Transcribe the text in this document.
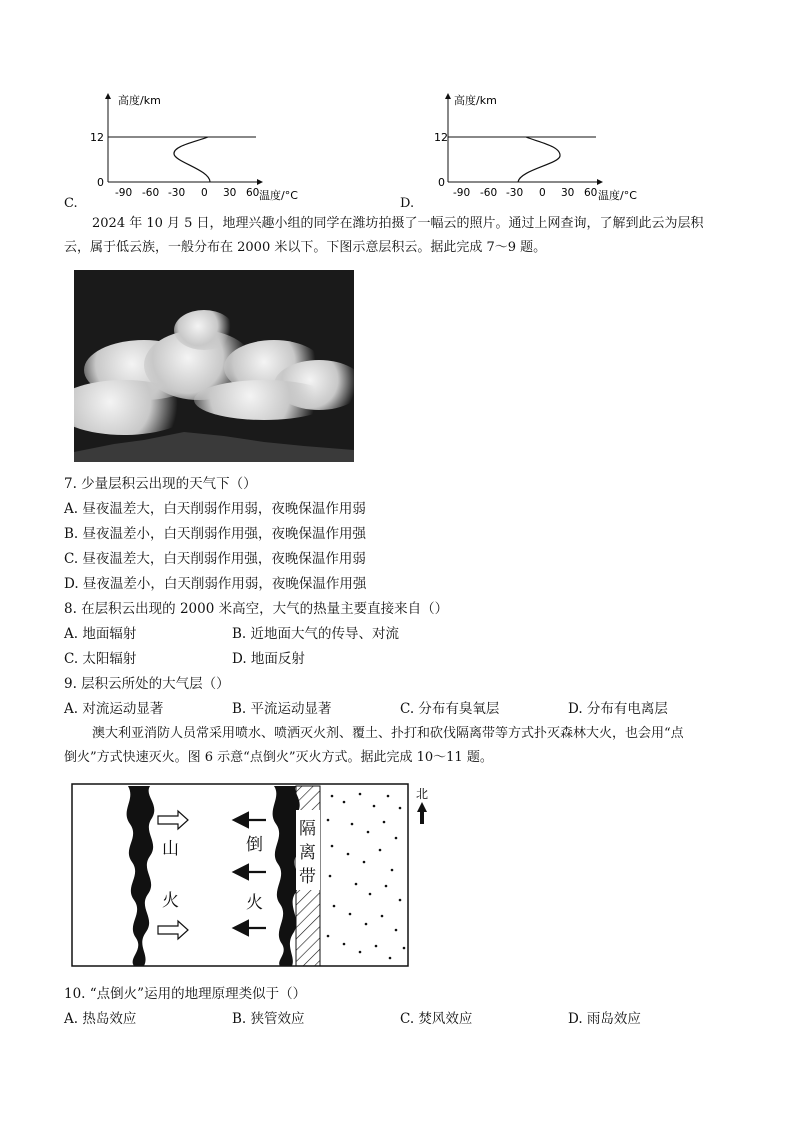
高度/km
12
0
-90 -60 -30 0 30 60 温度/°C
C.
高度/km
12
0
-90 -60 -30 0 30 60 温度/°C
D.
2024 年 10 月 5 日，地理兴趣小组的同学在潍坊拍摄了一幅云的照片。通过上网查询，了解到此云为层积
云，属于低云族，一般分布在 2000 米以下。下图示意层积云。据此完成 7～9 题。
7. 少量层积云出现的天气下（）
A. 昼夜温差大，白天削弱作用弱，夜晚保温作用弱
B. 昼夜温差小，白天削弱作用强，夜晚保温作用强
C. 昼夜温差大，白天削弱作用强，夜晚保温作用弱
D. 昼夜温差小，白天削弱作用弱，夜晚保温作用强
8. 在层积云出现的 2000 米高空，大气的热量主要直接来自（）
A. 地面辐射	B. 近地面大气的传导、对流
C. 太阳辐射	D. 地面反射
9. 层积云所处的大气层（）
A. 对流运动显著	B. 平流运动显著	C. 分布有臭氧层	D. 分布有电离层
澳大利亚消防人员常采用喷水、喷洒灭火剂、覆土、扑打和砍伐隔离带等方式扑灭森林大火，也会用“点
倒火”方式快速灭火。图 6 示意“点倒火”灭火方式。据此完成 10～11 题。
山
火
倒
火
隔
离
带
北
10. “点倒火”运用的地理原理类似于（）
A. 热岛效应	B. 狭管效应	C. 焚风效应	D. 雨岛效应
